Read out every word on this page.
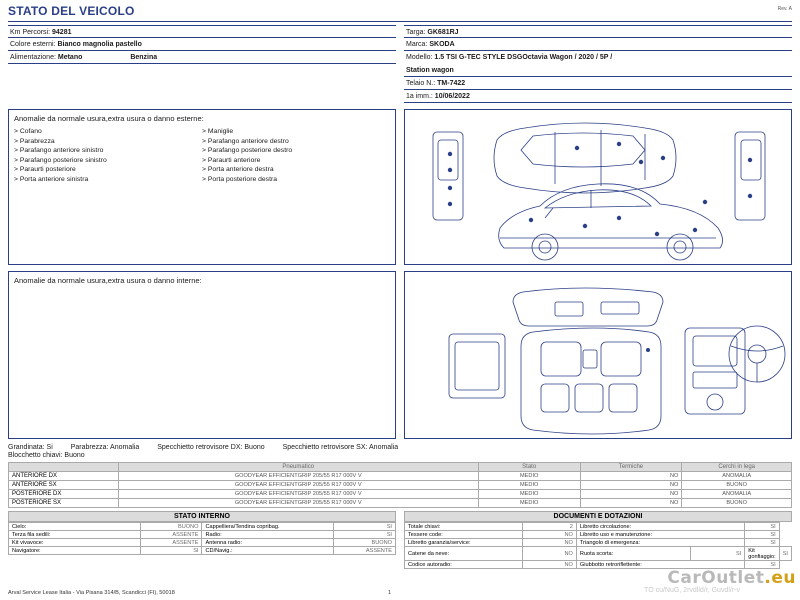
STATO DEL VEICOLO	Rev. A
Km Percorsi: 94281
Colore esterni: Bianco magnolia pastello
Alimentazione: Metano	Benzina
Targa: GK681RJ
Marca: SKODA
Modello: 1.5 TSI G-TEC STYLE DSGOctavia Wagon / 2020 / 5P /
Station wagon
Telaio N.: TM-7422
1a imm.: 10/06/2022
Anomalie da normale usura,extra usura o danno esterne:
> Cofano
> Parabrezza
> Parafango anteriore sinistro
> Parafango posteriore sinistro
> Paraurti posteriore
> Porta anteriore sinistra
> Maniglie
> Parafango anteriore destro
> Parafango posteriore destro
> Paraurti anteriore
> Porta anteriore destra
> Porta posteriore destra
Anomalie da normale usura,extra usura o danno interne:
Grandinata: Si	Parabrezza: Anomalia	Specchietto retrovisore DX: Buono	Specchietto retrovisore SX: Anomalia
Blocchetto chiavi: Buono
	Pneumatico	Stato	Termiche	Cerchi in lega
ANTERIORE DX	GOODYEAR EFFICIENTGRIP 205/55 R17 000V V	MEDIO	NO	ANOMALIA
ANTERIORE SX	GOODYEAR EFFICIENTGRIP 205/55 R17 000V V	MEDIO	NO	BUONO
POSTERIORE DX	GOODYEAR EFFICIENTGRIP 205/55 R17 000V V	MEDIO	NO	ANOMALIA
POSTERIORE SX	GOODYEAR EFFICIENTGRIP 205/55 R17 000V V	MEDIO	NO	BUONO
STATO INTERNO
Cielo:	BUONO	Cappelliera/Tendina copribag.	SI
Terza fila sedili:	ASSENTE	Radio:	SI
Kit vivavoce:	ASSENTE	Antenna radio:	BUONO
Navigatore:	SI	CD/Navig.:	ASSENTE
DOCUMENTI E DOTAZIONI
Totale chiavi:	2	Libretto circolazione:		SI	
Tessere code:	NO	Libretto uso e manutenzione:		SI	
Libretto garanzia/service:	NO	Triangolo di emergenza:		SI	
Catene da neve:	NO	Ruota scorta:	SI	Kit gonfiaggio:	SI
Codice autoradio:	NO	Giubbotto retroriflettente:		SI	
CarOutlet.eu
TO cu/NuG, 2rvdlld/r, Guvdl/r-v
Arval Service Lease Italia - Via Pisana 314/B, Scandicci (FI), 50018	1
